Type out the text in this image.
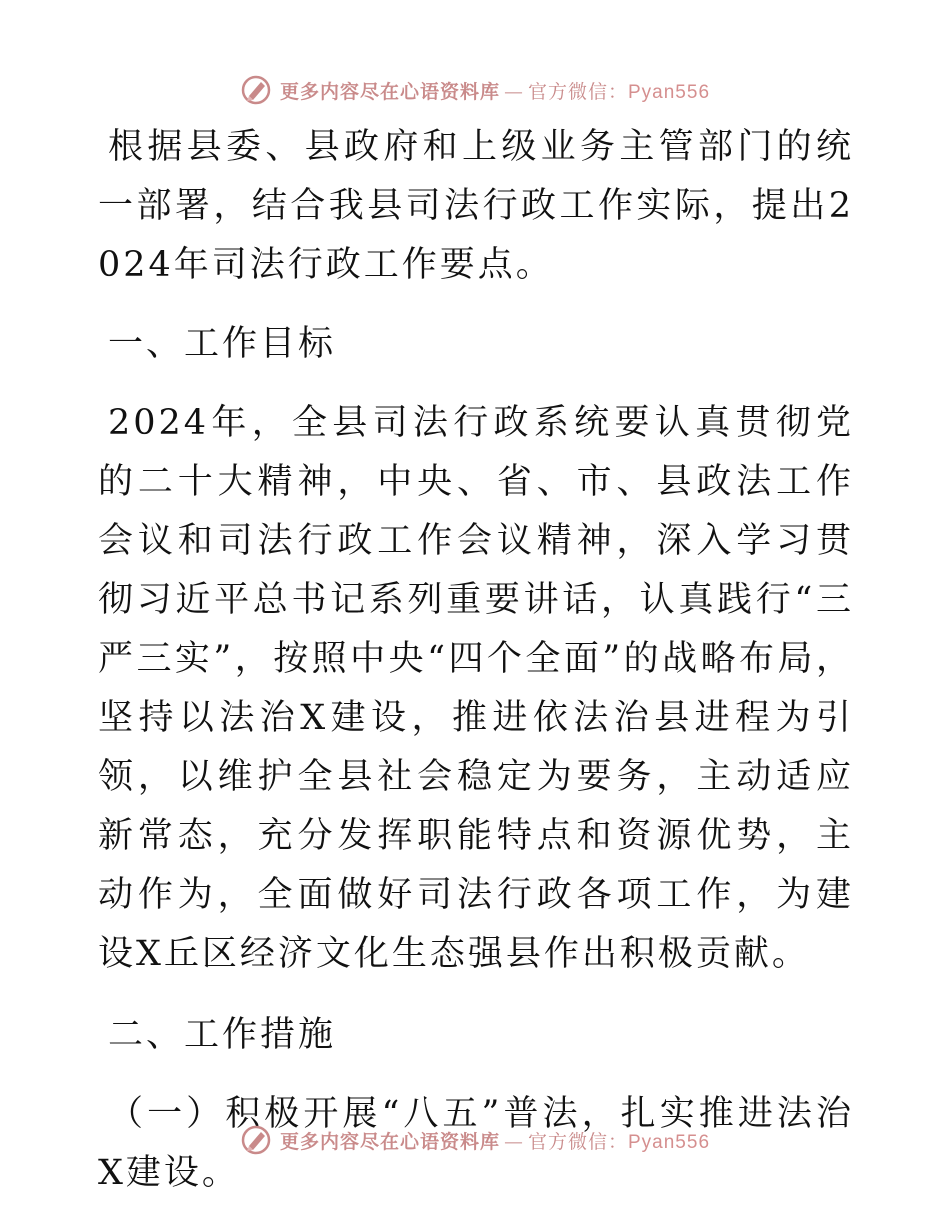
更多内容尽在心语资料库 — 官方微信：Pyan556

根据县委、县政府和上级业务主管部门的统一部署，结合我县司法行政工作实际，提出2024年司法行政工作要点。

一、工作目标

2024年，全县司法行政系统要认真贯彻党的二十大精神，中央、省、市、县政法工作会议和司法行政工作会议精神，深入学习贯彻习近平总书记系列重要讲话，认真践行“三严三实”，按照中央“四个全面”的战略布局，坚持以法治X建设，推进依法治县进程为引领，以维护全县社会稳定为要务，主动适应新常态，充分发挥职能特点和资源优势，主动作为，全面做好司法行政各项工作，为建设X丘区经济文化生态强县作出积极贡献。

二、工作措施

（一）积极开展“八五”普法，扎实推进法治X建设。

更多内容尽在心语资料库 — 官方微信：Pyan556
